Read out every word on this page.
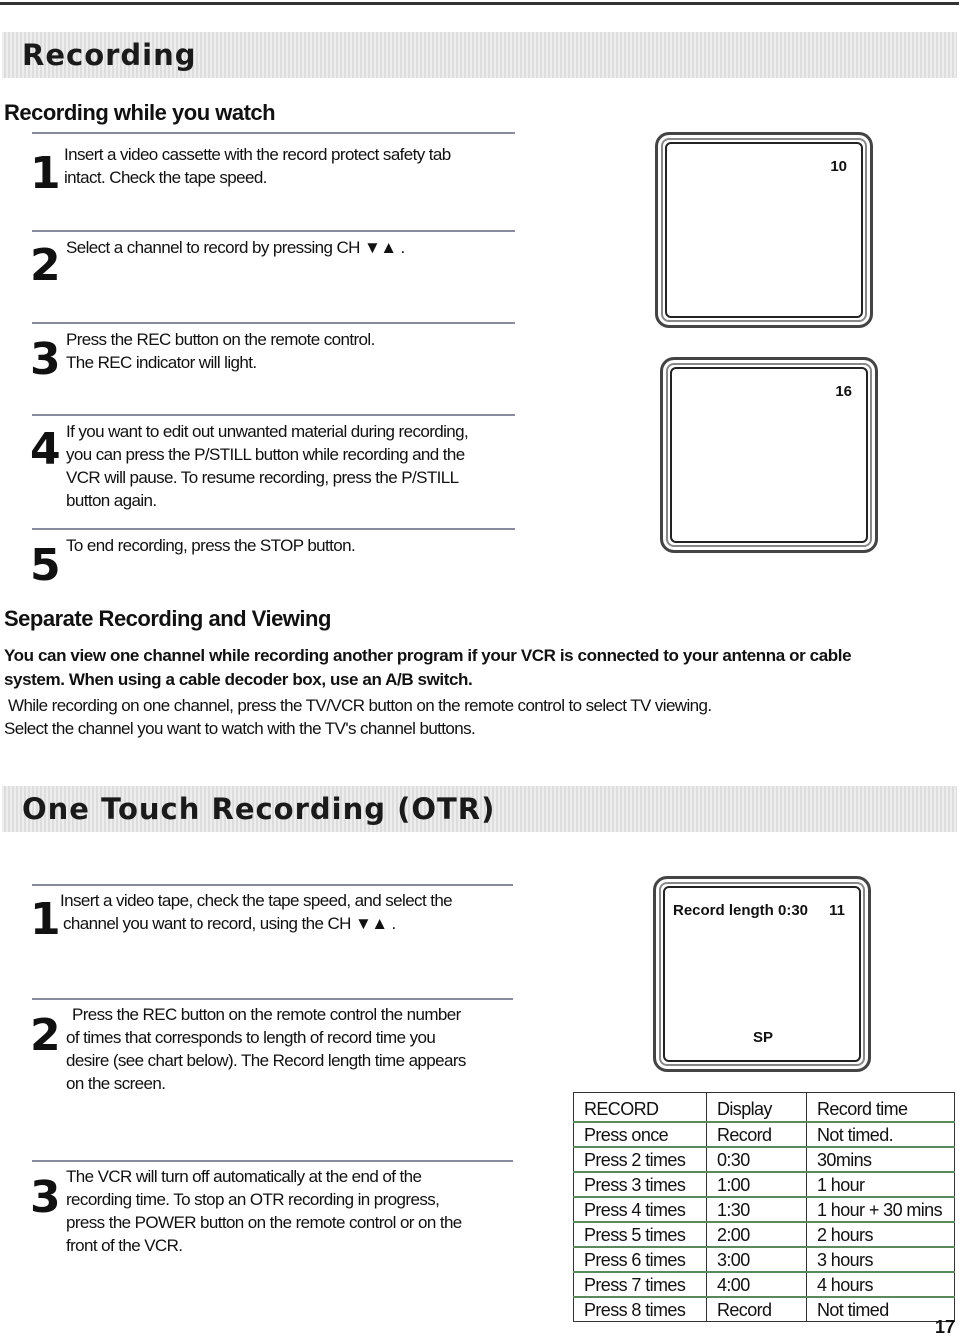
Recording
Recording while you watch
1 Insert a video cassette with the record protect safety tab
intact. Check the tape speed.
2 Select a channel to record by pressing CH ▼▲ .
3 Press the REC button on the remote control.
The REC indicator will light.
4 If you want to edit out unwanted material during recording,
you can press the P/STILL button while recording and the
VCR will pause. To resume recording, press the P/STILL
button again.
5 To end recording, press the STOP button.
10
16
Separate Recording and Viewing
You can view one channel while recording another program if your VCR is connected to your antenna or cable
system. When using a cable decoder box, use an A/B switch.
While recording on one channel, press the TV/VCR button on the remote control to select TV viewing.
Select the channel you want to watch with the TV's channel buttons.
One Touch Recording (OTR)
1 Insert a video tape, check the tape speed, and select the
channel you want to record, using the CH ▼▲ .
2 Press the REC button on the remote control the number
of times that corresponds to length of record time you
desire (see chart below). The Record length time appears
on the screen.
3 The VCR will turn off automatically at the end of the
recording time. To stop an OTR recording in progress,
press the POWER button on the remote control or on the
front of the VCR.
Record length 0:30 11
SP
RECORD	Display	Record time
Press once	Record	Not timed.
Press 2 times	0:30	30mins
Press 3 times	1:00	1 hour
Press 4 times	1:30	1 hour + 30 mins
Press 5 times	2:00	2 hours
Press 6 times	3:00	3 hours
Press 7 times	4:00	4 hours
Press 8 times	Record	Not timed
17
